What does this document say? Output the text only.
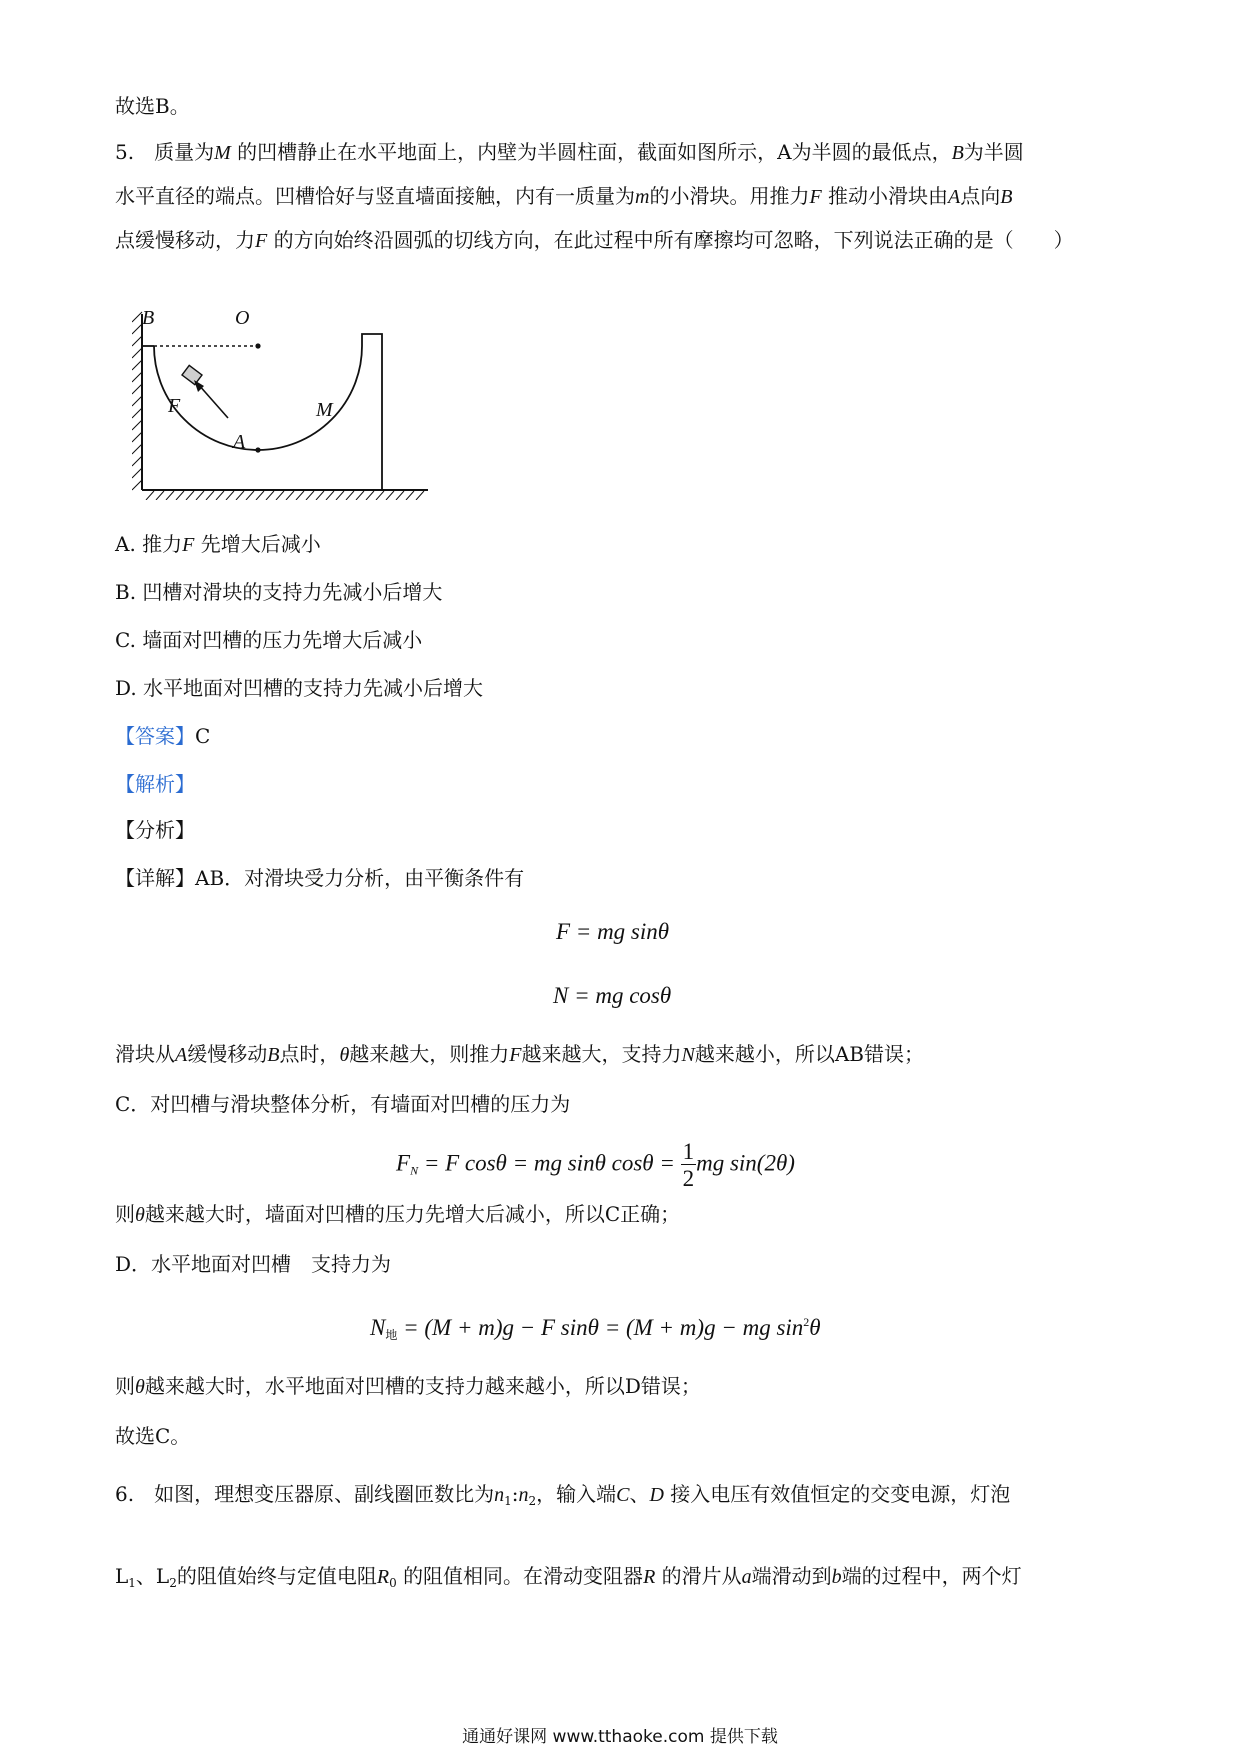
故选B。
5.　 质量为M 的凹槽静止在水平地面上，内壁为半圆柱面，截面如图所示，A为半圆的最低点，B为半圆
水平直径的端点。凹槽恰好与竖直墙面接触，内有一质量为m的小滑块。用推力F 推动小滑块由A点向B
点缓慢移动，力F 的方向始终沿圆弧的切线方向，在此过程中所有摩擦均可忽略，下列说法正确的是（　　）
B	O
A
F	M
A. 推力F 先增大后减小
B. 凹槽对滑块的支持力先减小后增大
C. 墙面对凹槽的压力先增大后减小
D. 水平地面对凹槽的支持力先减小后增大
【答案】C
【解析】
【分析】
【详解】AB．对滑块受力分析，由平衡条件有
F = mg sinθ
N = mg cosθ
滑块从A缓慢移动B点时，θ越来越大，则推力F越来越大，支持力N越来越小，所以AB错误；
C．对凹槽与滑块整体分析，有墙面对凹槽的压力为
$F_N = F$ cosθ = mg sinθ $\cos\theta = \frac{1}{2}$ mg sin(2θ)
则θ越来越大时，墙面对凹槽的压力先增大后减小，所以C正确；
D．水平地面对凹槽　支持力为
$N_地 = (M + m)g - F$ sinθ = (M + m)g − mg $\sin^2\theta$
则θ越来越大时，水平地面对凹槽的支持力越来越小，所以D错误；
故选C。
6.　 如图，理想变压器原、副线圈匝数比为$n_1:n_2$，输入端C、D 接入电压有效值恒定的交变电源，灯泡
$L_1$、$L_2$的阻值始终与定值电阻$R_0$ 的阻值相同。在滑动变阻器R 的滑片从a端滑动到b端的过程中，两个灯
通通好课网 www.tthaoke.com 提供下载
